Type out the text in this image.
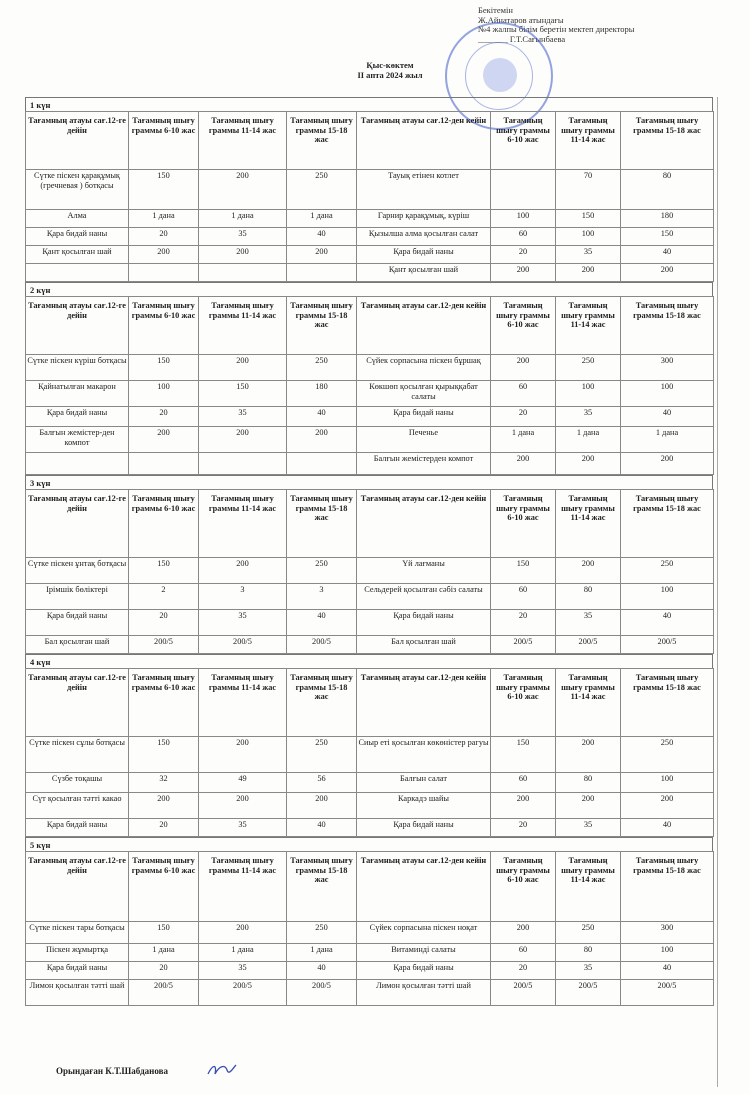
Бекітемін
Ж.Айнатаров атындағы
№4 жалпы білім беретін мектеп директоры
_______ Г.Т.Сағынбаева
Қыс-көктем
II апта 2024 жыл
1 күн
Тағамның атауы сағ.12-ге дейін	Тағамның шығу граммы 6-10 жас	Тағамның шығу граммы 11-14 жас	Тағамның шығу граммы 15-18 жас	Тағамның атауы сағ.12-ден кейін	Тағамның шығу граммы 6-10 жас	Тағамның шығу граммы 11-14 жас	Тағамның шығу граммы 15-18 жас
Сүтке піскен қарақұмық (гречневая ) ботқасы	150	200	250	Тауық етінен котлет		70	80
Алма	1 дана	1 дана	1 дана	Гарнир қарақұмық, күріш	100	150	180
Қара бидай наны	20	35	40	Қызылша алма қосылған салат	60	100	150
Қант қосылған шай	200	200	200	Қара бидай наны	20	35	40
				Қант қосылған шай	200	200	200
2 күн
Тағамның атауы сағ.12-ге дейін	Тағамның шығу граммы 6-10 жас	Тағамның шығу граммы 11-14 жас	Тағамның шығу граммы 15-18 жас	Тағамның атауы сағ.12-ден кейін	Тағамның шығу граммы 6-10 жас	Тағамның шығу граммы 11-14 жас	Тағамның шығу граммы 15-18 жас
Сүтке піскен күріш ботқасы	150	200	250	Сүйек сорпасына піскен бұршақ	200	250	300
Қайнатылған макарон	100	150	180	Көкшөп қосылған қырыққабат салаты	60	100	100
Қара бидай наны	20	35	40	Қара бидай наны	20	35	40
Балғын жемістер-ден компот	200	200	200	Печенье	1 дана	1 дана	1 дана
				Балғын жемістерден компот	200	200	200
3 күн
Тағамның атауы сағ.12-ге дейін	Тағамның шығу граммы 6-10 жас	Тағамның шығу граммы 11-14 жас	Тағамның шығу граммы 15-18 жас	Тағамның атауы сағ.12-ден кейін	Тағамның шығу граммы 6-10 жас	Тағамның шығу граммы 11-14 жас	Тағамның шығу граммы 15-18 жас
Сүтке піскен ұнтақ ботқасы	150	200	250	Үй лағманы	150	200	250
Ірімшік бөліктері	2	3	3	Сельдерей қосылған сәбіз салаты	60	80	100
Қара бидай наны	20	35	40	Қара бидай наны	20	35	40
Бал қосылған шай	200/5	200/5	200/5	Бал қосылған шай	200/5	200/5	200/5
4 күн
Тағамның атауы сағ.12-ге дейін	Тағамның шығу граммы 6-10 жас	Тағамның шығу граммы 11-14 жас	Тағамның шығу граммы 15-18 жас	Тағамның атауы сағ.12-ден кейін	Тағамның шығу граммы 6-10 жас	Тағамның шығу граммы 11-14 жас	Тағамның шығу граммы 15-18 жас
Сүтке піскен сұлы ботқасы	150	200	250	Сиыр еті қосылған көкөністер рагуы	150	200	250
Сүзбе тоқашы	32	49	56	Балғын салат	60	80	100
Сүт қосылған тәтті какао	200	200	200	Каркадэ шайы	200	200	200
Қара бидай наны	20	35	40	Қара бидай наны	20	35	40
5 күн
Тағамның атауы сағ.12-ге дейін	Тағамның шығу граммы 6-10 жас	Тағамның шығу граммы 11-14 жас	Тағамның шығу граммы 15-18 жас	Тағамның атауы сағ.12-ден кейін	Тағамның шығу граммы 6-10 жас	Тағамның шығу граммы 11-14 жас	Тағамның шығу граммы 15-18 жас
Сүтке піскен тары ботқасы	150	200	250	Сүйек сорпасына піскен ноқат	200	250	300
Піскен жұмыртқа	1 дана	1 дана	1 дана	Витаминді салаты	60	80	100
Қара бидай наны	20	35	40	Қара бидай наны	20	35	40
Лимон қосылған тәтті шай	200/5	200/5	200/5	Лимон қосылған тәтті шай	200/5	200/5	200/5
Орындаған К.Т.Шабданова
